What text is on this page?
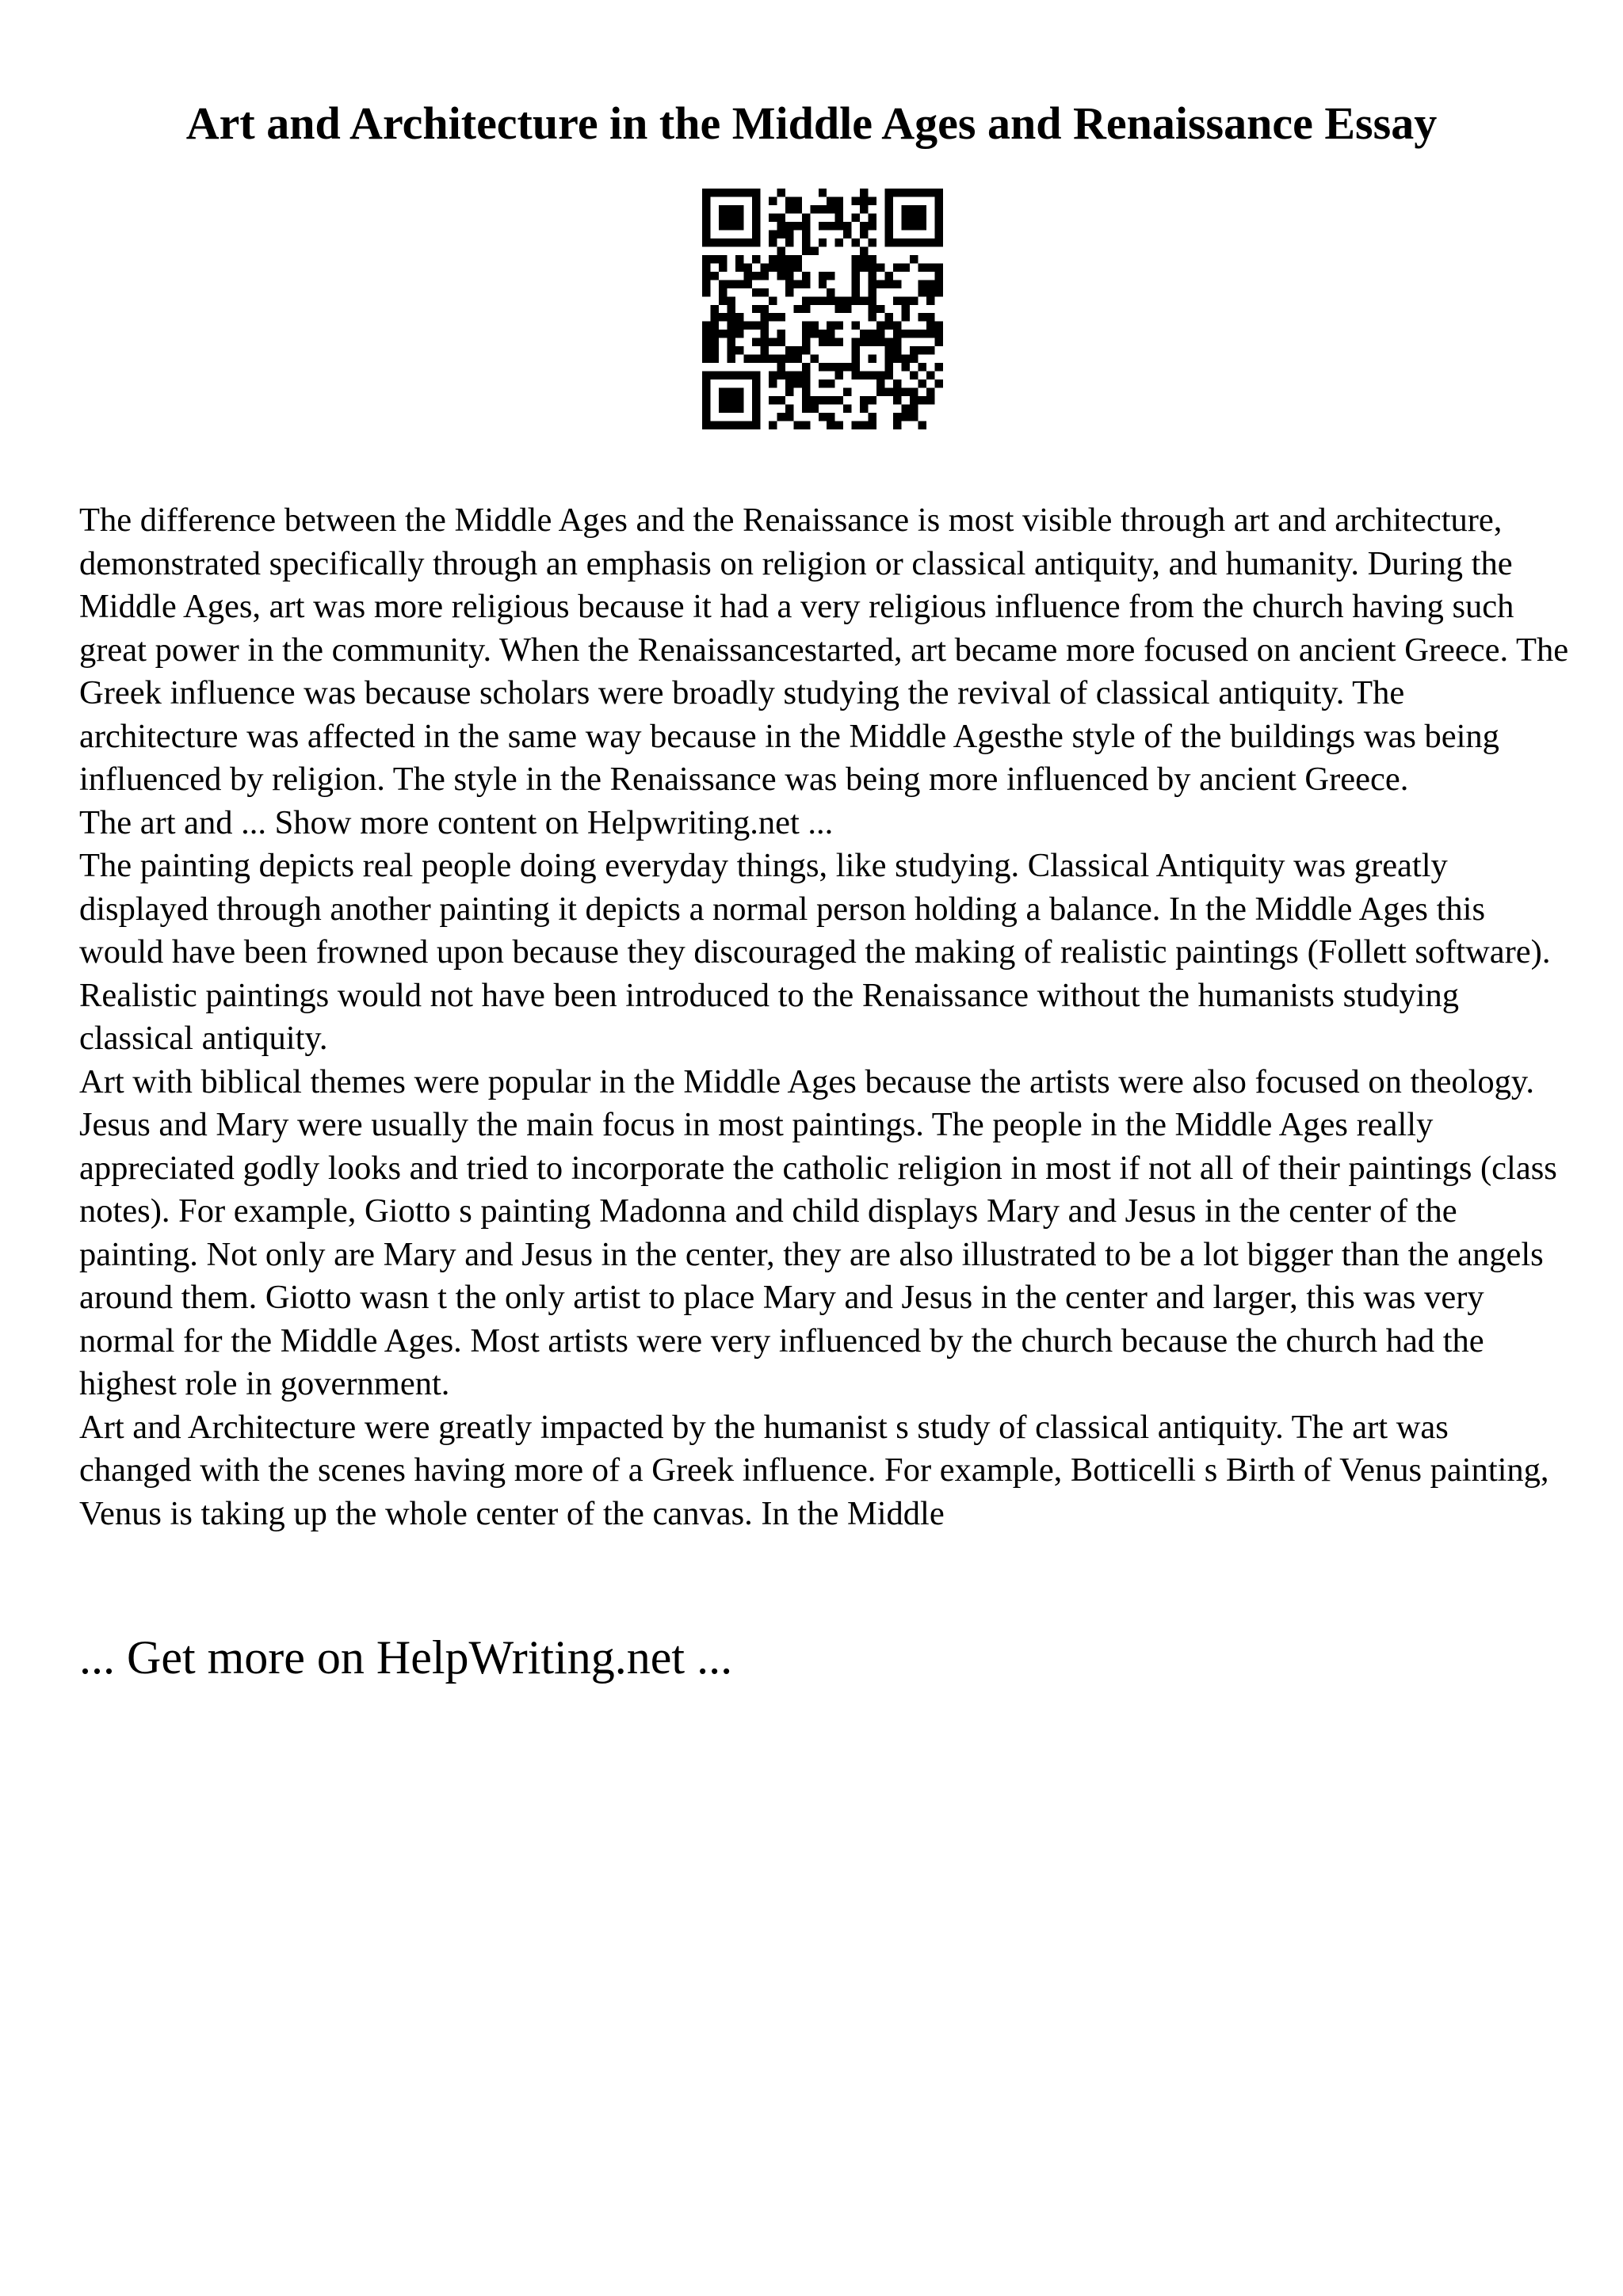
Art and Architecture in the Middle Ages and Renaissance Essay

The difference between the Middle Ages and the Renaissance is most visible through art and architecture, demonstrated specifically through an emphasis on religion or classical antiquity, and humanity. During the Middle Ages, art was more religious because it had a very religious influence from the church having such great power in the community. When the Renaissancestarted, art became more focused on ancient Greece. The Greek influence was because scholars were broadly studying the revival of classical antiquity. The architecture was affected in the same way because in the Middle Agesthe style of the buildings was being influenced by religion. The style in the Renaissance was being more influenced by ancient Greece.

The art and ... Show more content on Helpwriting.net ...

The painting depicts real people doing everyday things, like studying. Classical Antiquity was greatly displayed through another painting it depicts a normal person holding a balance. In the Middle Ages this would have been frowned upon because they discouraged the making of realistic paintings (Follett software). Realistic paintings would not have been introduced to the Renaissance without the humanists studying classical antiquity.

Art with biblical themes were popular in the Middle Ages because the artists were also focused on theology. Jesus and Mary were usually the main focus in most paintings. The people in the Middle Ages really appreciated godly looks and tried to incorporate the catholic religion in most if not all of their paintings (class notes). For example, Giotto s painting Madonna and child displays Mary and Jesus in the center of the painting. Not only are Mary and Jesus in the center, they are also illustrated to be a lot bigger than the angels around them. Giotto wasn t the only artist to place Mary and Jesus in the center and larger, this was very normal for the Middle Ages. Most artists were very influenced by the church because the church had the highest role in government.

Art and Architecture were greatly impacted by the humanist s study of classical antiquity. The art was changed with the scenes having more of a Greek influence. For example, Botticelli s Birth of Venus painting, Venus is taking up the whole center of the canvas. In the Middle

... Get more on HelpWriting.net ...
